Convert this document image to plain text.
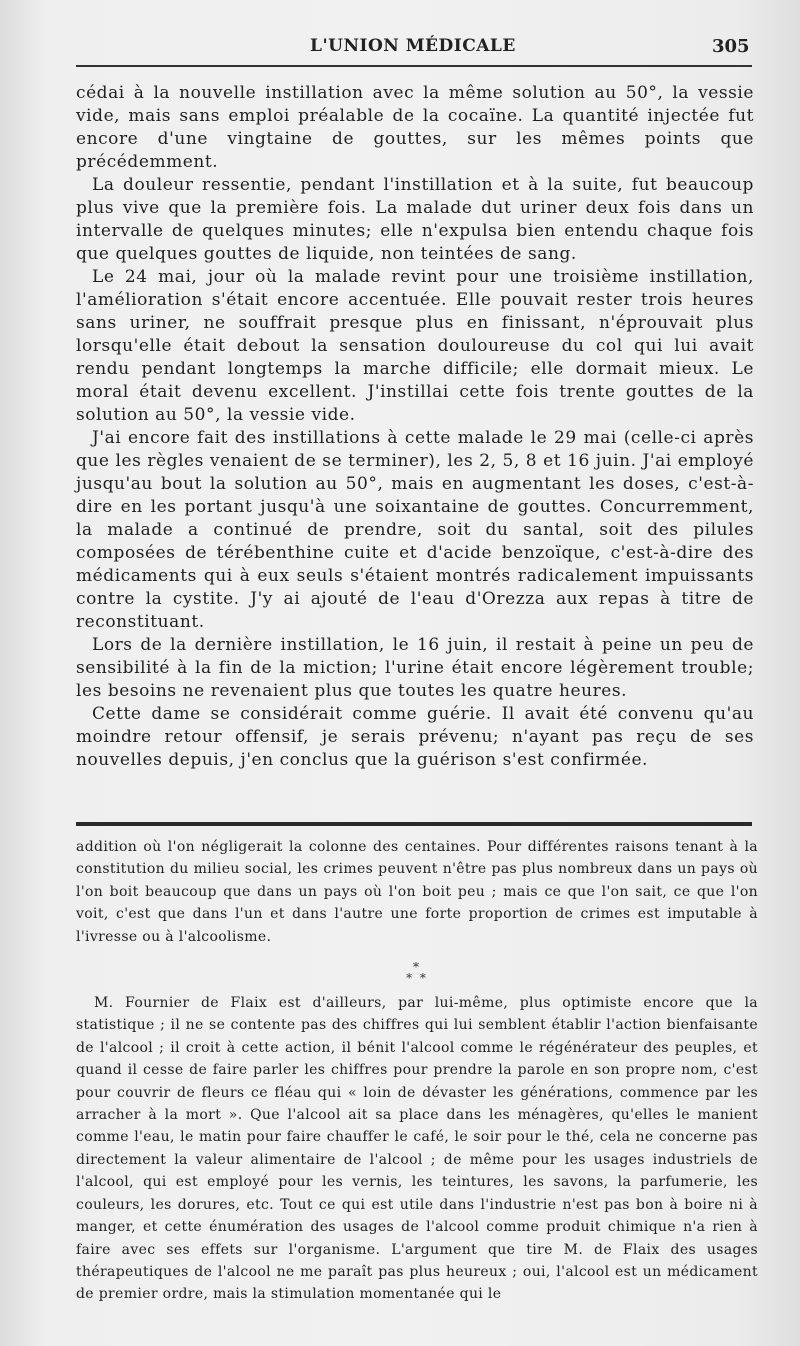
L'UNION MÉDICALE	305

cédai à la nouvelle instillation avec la même solution au 50°, la vessie vide, mais sans emploi préalable de la cocaïne. La quantité injectée fut encore d'une vingtaine de gouttes, sur les mêmes points que précédemment.

La douleur ressentie, pendant l'instillation et à la suite, fut beaucoup plus vive que la première fois. La malade dut uriner deux fois dans un intervalle de quelques minutes; elle n'expulsa bien entendu chaque fois que quelques gouttes de liquide, non teintées de sang.

Le 24 mai, jour où la malade revint pour une troisième instillation, l'amélioration s'était encore accentuée. Elle pouvait rester trois heures sans uriner, ne souffrait presque plus en finissant, n'éprouvait plus lorsqu'elle était debout la sensation douloureuse du col qui lui avait rendu pendant longtemps la marche difficile; elle dormait mieux. Le moral était devenu excellent. J'instillai cette fois trente gouttes de la solution au 50°, la vessie vide.

J'ai encore fait des instillations à cette malade le 29 mai (celle-ci après que les règles venaient de se terminer), les 2, 5, 8 et 16 juin. J'ai employé jusqu'au bout la solution au 50°, mais en augmentant les doses, c'est-à-dire en les portant jusqu'à une soixantaine de gouttes. Concurremment, la malade a continué de prendre, soit du santal, soit des pilules composées de térébenthine cuite et d'acide benzoïque, c'est-à-dire des médicaments qui à eux seuls s'étaient montrés radicalement impuissants contre la cystite. J'y ai ajouté de l'eau d'Orezza aux repas à titre de reconstituant.

Lors de la dernière instillation, le 16 juin, il restait à peine un peu de sensibilité à la fin de la miction; l'urine était encore légèrement trouble; les besoins ne revenaient plus que toutes les quatre heures.

Cette dame se considérait comme guérie. Il avait été convenu qu'au moindre retour offensif, je serais prévenu; n'ayant pas reçu de ses nouvelles depuis, j'en conclus que la guérison s'est confirmée.

addition où l'on négligerait la colonne des centaines. Pour différentes raisons tenant à la constitution du milieu social, les crimes peuvent n'être pas plus nombreux dans un pays où l'on boit beaucoup que dans un pays où l'on boit peu ; mais ce que l'on sait, ce que l'on voit, c'est que dans l'un et dans l'autre une forte proportion de crimes est imputable à l'ivresse ou à l'alcoolisme.

*
* *

M. Fournier de Flaix est d'ailleurs, par lui-même, plus optimiste encore que la statistique ; il ne se contente pas des chiffres qui lui semblent établir l'action bienfaisante de l'alcool ; il croit à cette action, il bénit l'alcool comme le régénérateur des peuples, et quand il cesse de faire parler les chiffres pour prendre la parole en son propre nom, c'est pour couvrir de fleurs ce fléau qui « loin de dévaster les générations, commence par les arracher à la mort ». Que l'alcool ait sa place dans les ménagères, qu'elles le manient comme l'eau, le matin pour faire chauffer le café, le soir pour le thé, cela ne concerne pas directement la valeur alimentaire de l'alcool ; de même pour les usages industriels de l'alcool, qui est employé pour les vernis, les teintures, les savons, la parfumerie, les couleurs, les dorures, etc. Tout ce qui est utile dans l'industrie n'est pas bon à boire ni à manger, et cette énumération des usages de l'alcool comme produit chimique n'a rien à faire avec ses effets sur l'organisme. L'argument que tire M. de Flaix des usages thérapeutiques de l'alcool ne me paraît pas plus heureux ; oui, l'alcool est un médicament de premier ordre, mais la stimulation momentanée qui le
